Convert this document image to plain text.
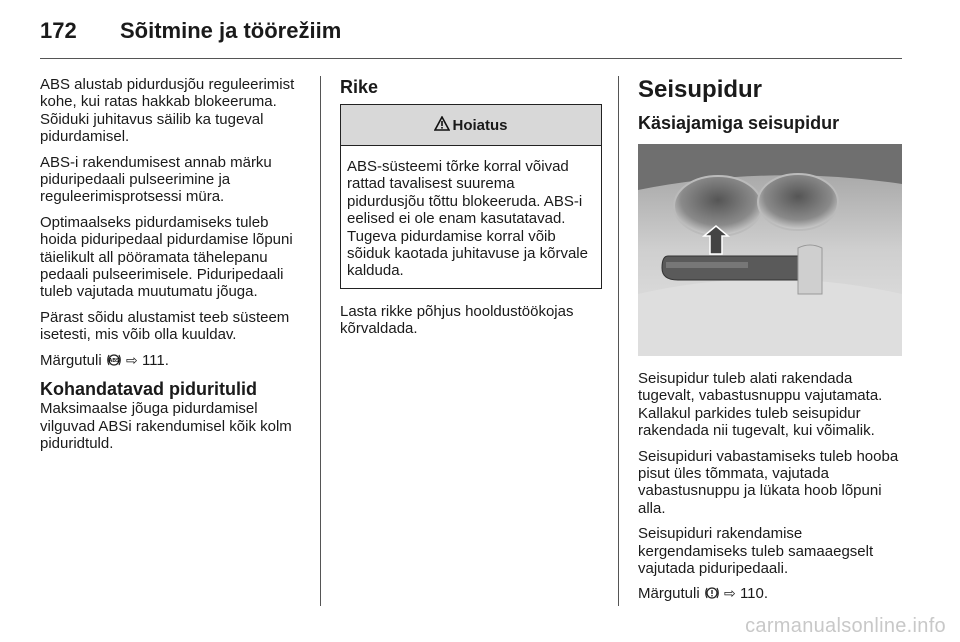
172	Sõitmine ja töörežiim

ABS alustab pidurdusjõu reguleerimist kohe, kui ratas hakkab blokeeruma. Sõiduki juhitavus säilib ka tugeval pidurdamisel.

ABS-i rakendumisest annab märku piduripedaali pulseerimine ja reguleerimisprotsessi müra.

Optimaalseks pidurdamiseks tuleb hoida piduripedaal pidurdamise lõpuni täielikult all pööramata tähelepanu pedaali pulseerimisele. Piduripedaali tuleb vajutada muutumatu jõuga.

Pärast sõidu alustamist teeb süsteem isetesti, mis võib olla kuuldav.

Märgutuli ABS ⇨ 111.

Kohandatavad piduritulid

Maksimaalse jõuga pidurdamisel vilguvad ABSi rakendumisel kõik kolm piduridtuld.

Rike
Hoiatus

ABS-süsteemi tõrke korral võivad rattad tavalisest suurema pidurdusjõu tõttu blokeeruda. ABS-i eelised ei ole enam kasutatavad. Tugeva pidurdamise korral võib sõiduk kaotada juhitavuse ja kõrvale kalduda.

Lasta rikke põhjus hooldustöökojas kõrvaldada.

Seisupidur
Käsiajamiga seisupidur

Seisupidur tuleb alati rakendada tugevalt, vabastusnuppu vajutamata. Kallakul parkides tuleb seisupidur rakendada nii tugevalt, kui võimalik.

Seisupiduri vabastamiseks tuleb hooba pisut üles tõmmata, vajutada vabastusnuppu ja lükata hoob lõpuni alla.

Seisupiduri rakendamise kergendamiseks tuleb samaaegselt vajutada piduripedaali.

Märgutuli ⇨ 110.

carmanualsonline.info
